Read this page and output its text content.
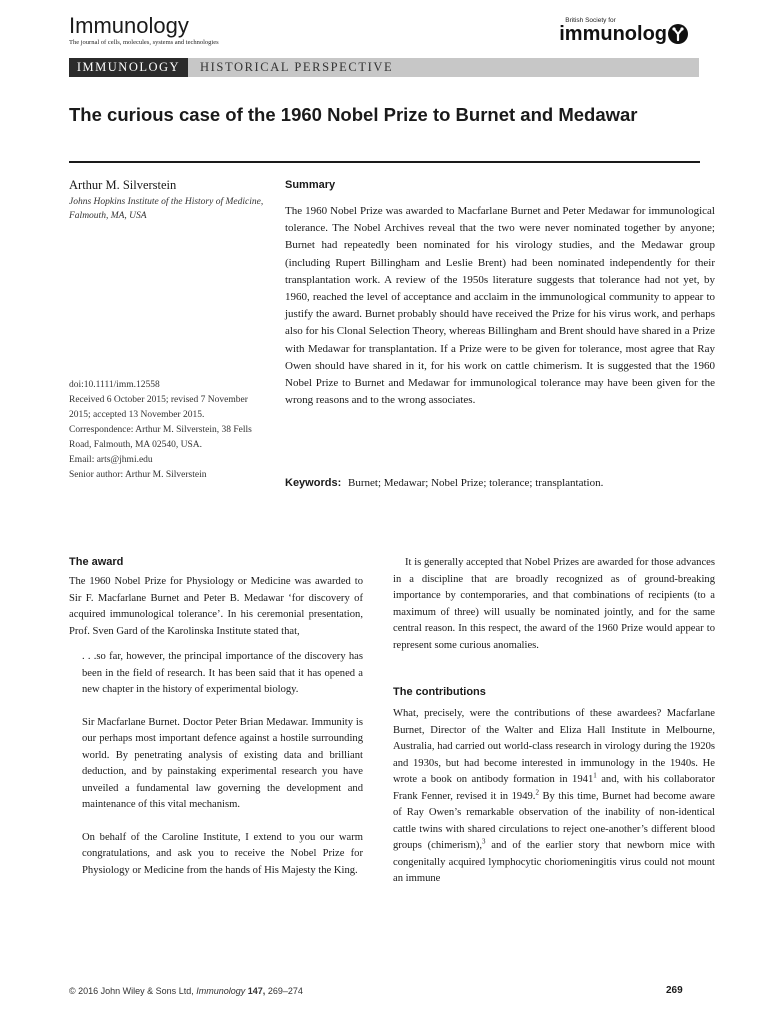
Immunology
The journal of cells, molecules, systems and technologies
British Society for
immunolog
IMMUNOLOGY	HISTORICAL PERSPECTIVE
The curious case of the 1960 Nobel Prize to Burnet and Medawar
Arthur M. Silverstein
Johns Hopkins Institute of the History of Medicine, Falmouth, MA, USA
doi:10.1111/imm.12558
Received 6 October 2015; revised 7 November 2015; accepted 13 November 2015.
Correspondence: Arthur M. Silverstein, 38 Fells Road, Falmouth, MA 02540, USA.
Email: arts@jhmi.edu
Senior author: Arthur M. Silverstein
Summary

The 1960 Nobel Prize was awarded to Macfarlane Burnet and Peter Medawar for immunological tolerance. The Nobel Archives reveal that the two were never nominated together by anyone; Burnet had repeatedly been nominated for his virology studies, and the Medawar group (including Rupert Billingham and Leslie Brent) had been nominated independently for their transplantation work. A review of the 1950s literature suggests that tolerance had not yet, by 1960, reached the level of acceptance and acclaim in the immunological community to appear to justify the award. Burnet probably should have received the Prize for his virus work, and perhaps also for his Clonal Selection Theory, whereas Billingham and Brent should have shared in a Prize with Medawar for transplantation. If a Prize were to be given for tolerance, most agree that Ray Owen should have shared in it, for his work on cattle chimerism. It is suggested that the 1960 Nobel Prize to Burnet and Medawar for immunological tolerance may have been given for the wrong reasons and to the wrong associates.

Keywords: Burnet; Medawar; Nobel Prize; tolerance; transplantation.
The award

The 1960 Nobel Prize for Physiology or Medicine was awarded to Sir F. Macfarlane Burnet and Peter B. Medawar ‘for discovery of acquired immunological tolerance’. In his ceremonial presentation, Prof. Sven Gard of the Karolinska Institute stated that,

. . .so far, however, the principal importance of the discovery has been in the field of research. It has been said that it has opened a new chapter in the history of experimental biology.

Sir Macfarlane Burnet. Doctor Peter Brian Medawar. Immunity is our perhaps most important defence against a hostile surrounding world. By penetrating analysis of existing data and brilliant deduction, and by painstaking experimental research you have unveiled a fundamental law governing the development and maintenance of this vital mechanism.

On behalf of the Caroline Institute, I extend to you our warm congratulations, and ask you to receive the Nobel Prize for Physiology or Medicine from the hands of His Majesty the King.

It is generally accepted that Nobel Prizes are awarded for those advances in a discipline that are broadly recognized as of ground-breaking importance by contemporaries, and that combinations of recipients (to a maximum of three) will usually be nominated jointly, and for the same central reason. In this respect, the award of the 1960 Prize would appear to represent some curious anomalies.

The contributions

What, precisely, were the contributions of these awardees? Macfarlane Burnet, Director of the Walter and Eliza Hall Institute in Melbourne, Australia, had carried out world-class research in virology during the 1920s and 1930s, but had become interested in immunology in the 1940s. He wrote a book on antibody formation in 1941$^1$ and, with his collaborator Frank Fenner, revised it in 1949.$^2$ By this time, Burnet had become aware of Ray Owen’s remarkable observation of the inability of non-identical cattle twins with shared circulations to reject one-another’s different blood groups (chimerism),$^3$ and of the earlier story that newborn mice with congenitally acquired lymphocytic choriomeningitis virus could not mount an immune

© 2016 John Wiley & Sons Ltd, Immunology 147, 269–274	269
